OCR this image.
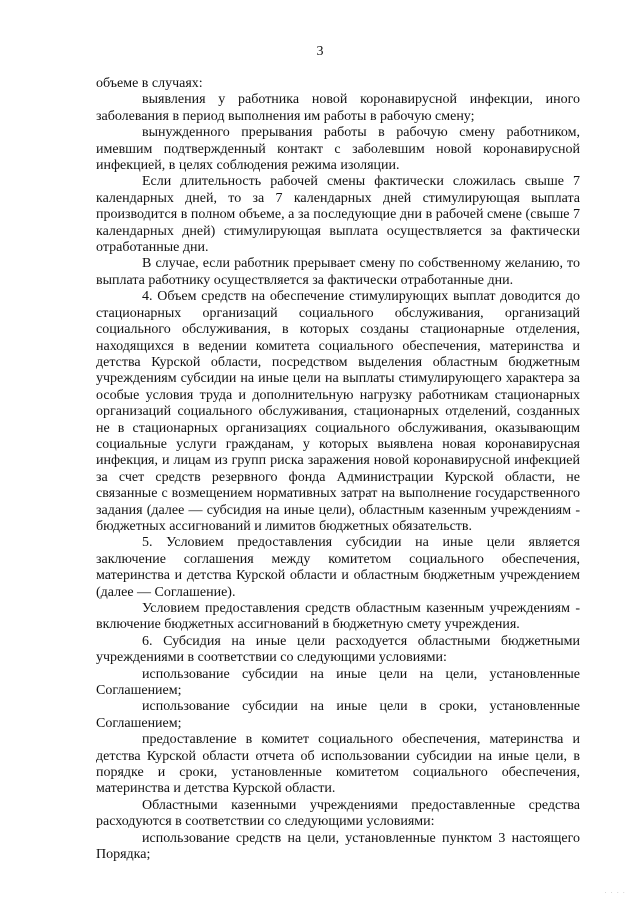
3

объеме в случаях:

выявления у работника новой коронавирусной инфекции, иного заболевания в период выполнения им работы в рабочую смену;

вынужденного прерывания работы в рабочую смену работником, имевшим подтвержденный контакт с заболевшим новой коронавирусной инфекцией, в целях соблюдения режима изоляции.

Если длительность рабочей смены фактически сложилась свыше 7 календарных дней, то за 7 календарных дней стимулирующая выплата производится в полном объеме, а за последующие дни в рабочей смене (свыше 7 календарных дней) стимулирующая выплата осуществляется за фактически отработанные дни.

В случае, если работник прерывает смену по собственному желанию, то выплата работнику осуществляется за фактически отработанные дни.

4. Объем средств на обеспечение стимулирующих выплат доводится до стационарных организаций социального обслуживания, организаций социального обслуживания, в которых созданы стационарные отделения, находящихся в ведении комитета социального обеспечения, материнства и детства Курской области, посредством выделения областным бюджетным учреждениям субсидии на иные цели на выплаты стимулирующего характера за особые условия труда и дополнительную нагрузку работникам стационарных организаций социального обслуживания, стационарных отделений, созданных не в стационарных организациях социального обслуживания, оказывающим социальные услуги гражданам, у которых выявлена новая коронавирусная инфекция, и лицам из групп риска заражения новой коронавирусной инфекцией за счет средств резервного фонда Администрации Курской области, не связанные с возмещением нормативных затрат на выполнение государственного задания (далее — субсидия на иные цели), областным казенным учреждениям - бюджетных ассигнований и лимитов бюджетных обязательств.

5. Условием предоставления субсидии на иные цели является заключение соглашения между комитетом социального обеспечения, материнства и детства Курской области и областным бюджетным учреждением (далее — Соглашение).

Условием предоставления средств областным казенным учреждениям - включение бюджетных ассигнований в бюджетную смету учреждения.

6. Субсидия на иные цели расходуется областными бюджетными учреждениями в соответствии со следующими условиями:

использование субсидии на иные цели на цели, установленные Соглашением;

использование субсидии на иные цели в сроки, установленные Соглашением;

предоставление в комитет социального обеспечения, материнства и детства Курской области отчета об использовании субсидии на иные цели, в порядке и сроки, установленные комитетом социального обеспечения, материнства и детства Курской области.

Областными казенными учреждениями предоставленные средства расходуются в соответствии со следующими условиями:

использование средств на цели, установленные пунктом 3 настоящего Порядка;

· · · ·
